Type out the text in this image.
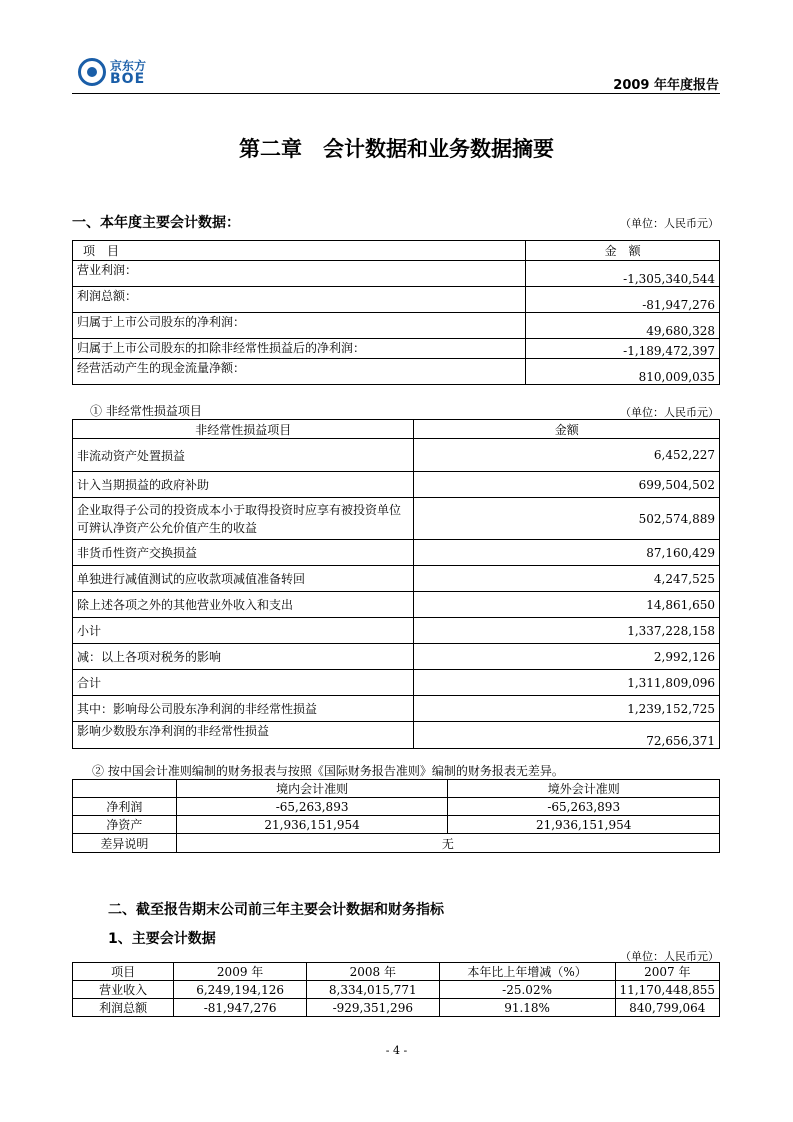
京东方
BOE	2009 年年度报告
第二章　会计数据和业务数据摘要
一、本年度主要会计数据：	（单位：人民币元）
项　目	金　额
营业利润：	-1,305,340,544
利润总额：	-81,947,276
归属于上市公司股东的净利润：	49,680,328
归属于上市公司股东的扣除非经常性损益后的净利润：	-1,189,472,397
经营活动产生的现金流量净额：	810,009,035
① 非经常性损益项目	（单位：人民币元）
非经常性损益项目	金额
非流动资产处置损益	6,452,227
计入当期损益的政府补助	699,504,502
企业取得子公司的投资成本小于取得投资时应享有被投资单位可辨认净资产公允价值产生的收益	502,574,889
非货币性资产交换损益	87,160,429
单独进行减值测试的应收款项减值准备转回	4,247,525
除上述各项之外的其他营业外收入和支出	14,861,650
小计	1,337,228,158
减：以上各项对税务的影响	2,992,126
合计	1,311,809,096
其中：影响母公司股东净利润的非经常性损益	1,239,152,725
影响少数股东净利润的非经常性损益	72,656,371
② 按中国会计准则编制的财务报表与按照《国际财务报告准则》编制的财务报表无差异。
	境内会计准则	境外会计准则
净利润	-65,263,893	-65,263,893
净资产	21,936,151,954	21,936,151,954
差异说明	无	
二、截至报告期末公司前三年主要会计数据和财务指标
1、主要会计数据
（单位：人民币元）
项目	2009 年	2008 年	本年比上年增减（%）	2007 年
营业收入	6,249,194,126	8,334,015,771	-25.02%	11,170,448,855
利润总额	-81,947,276	-929,351,296	91.18%	840,799,064
- 4 -
